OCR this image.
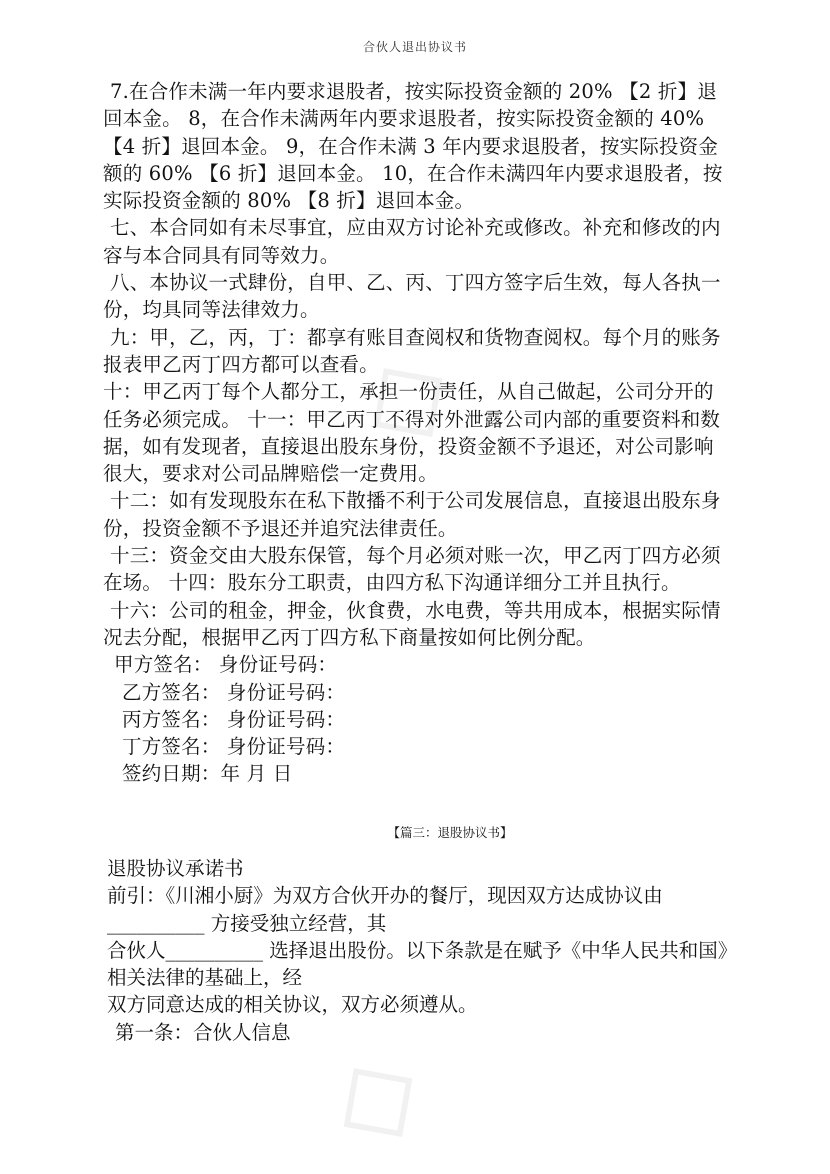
◇
◇
合伙人退出协议书

7.在合作未满一年内要求退股者，按实际投资金额的 20% 【2 折】退回本金。 8，在合作未满两年内要求退股者，按实际投资金额的 40% 【4 折】退回本金。 9，在合作未满 3 年内要求退股者，按实际投资金额的 60% 【6 折】退回本金。 10，在合作未满四年内要求退股者，按实际投资金额的 80% 【8 折】退回本金。

七、本合同如有未尽事宜，应由双方讨论补充或修改。补充和修改的内容与本合同具有同等效力。

八、本协议一式肆份，自甲、乙、丙、丁四方签字后生效，每人各执一份，均具同等法律效力。

九：甲，乙，丙，丁：都享有账目查阅权和货物查阅权。每个月的账务报表甲乙丙丁四方都可以查看。

十：甲乙丙丁每个人都分工，承担一份责任，从自己做起，公司分开的任务必须完成。 十一：甲乙丙丁不得对外泄露公司内部的重要资料和数据，如有发现者，直接退出股东身份，投资金额不予退还，对公司影响很大，要求对公司品牌赔偿一定费用。

十二：如有发现股东在私下散播不利于公司发展信息，直接退出股东身份，投资金额不予退还并追究法律责任。

十三：资金交由大股东保管，每个月必须对账一次，甲乙丙丁四方必须在场。 十四：股东分工职责，由四方私下沟通详细分工并且执行。

十六：公司的租金，押金，伙食费，水电费，等共用成本，根据实际情况去分配，根据甲乙丙丁四方私下商量按如何比例分配。

甲方签名： 身份证号码：

乙方签名： 身份证号码：

丙方签名： 身份证号码：

丁方签名： 身份证号码：

签约日期：年 月 日

【篇三：退股协议书】

退股协议承诺书

前引：《川湘小厨》为双方合伙开办的餐厅，现因双方达成协议由__________ 方接受独立经营，其

合伙人__________ 选择退出股份。以下条款是在赋予《中华人民共和国》相关法律的基础上，经

双方同意达成的相关协议，双方必须遵从。

第一条：合伙人信息
